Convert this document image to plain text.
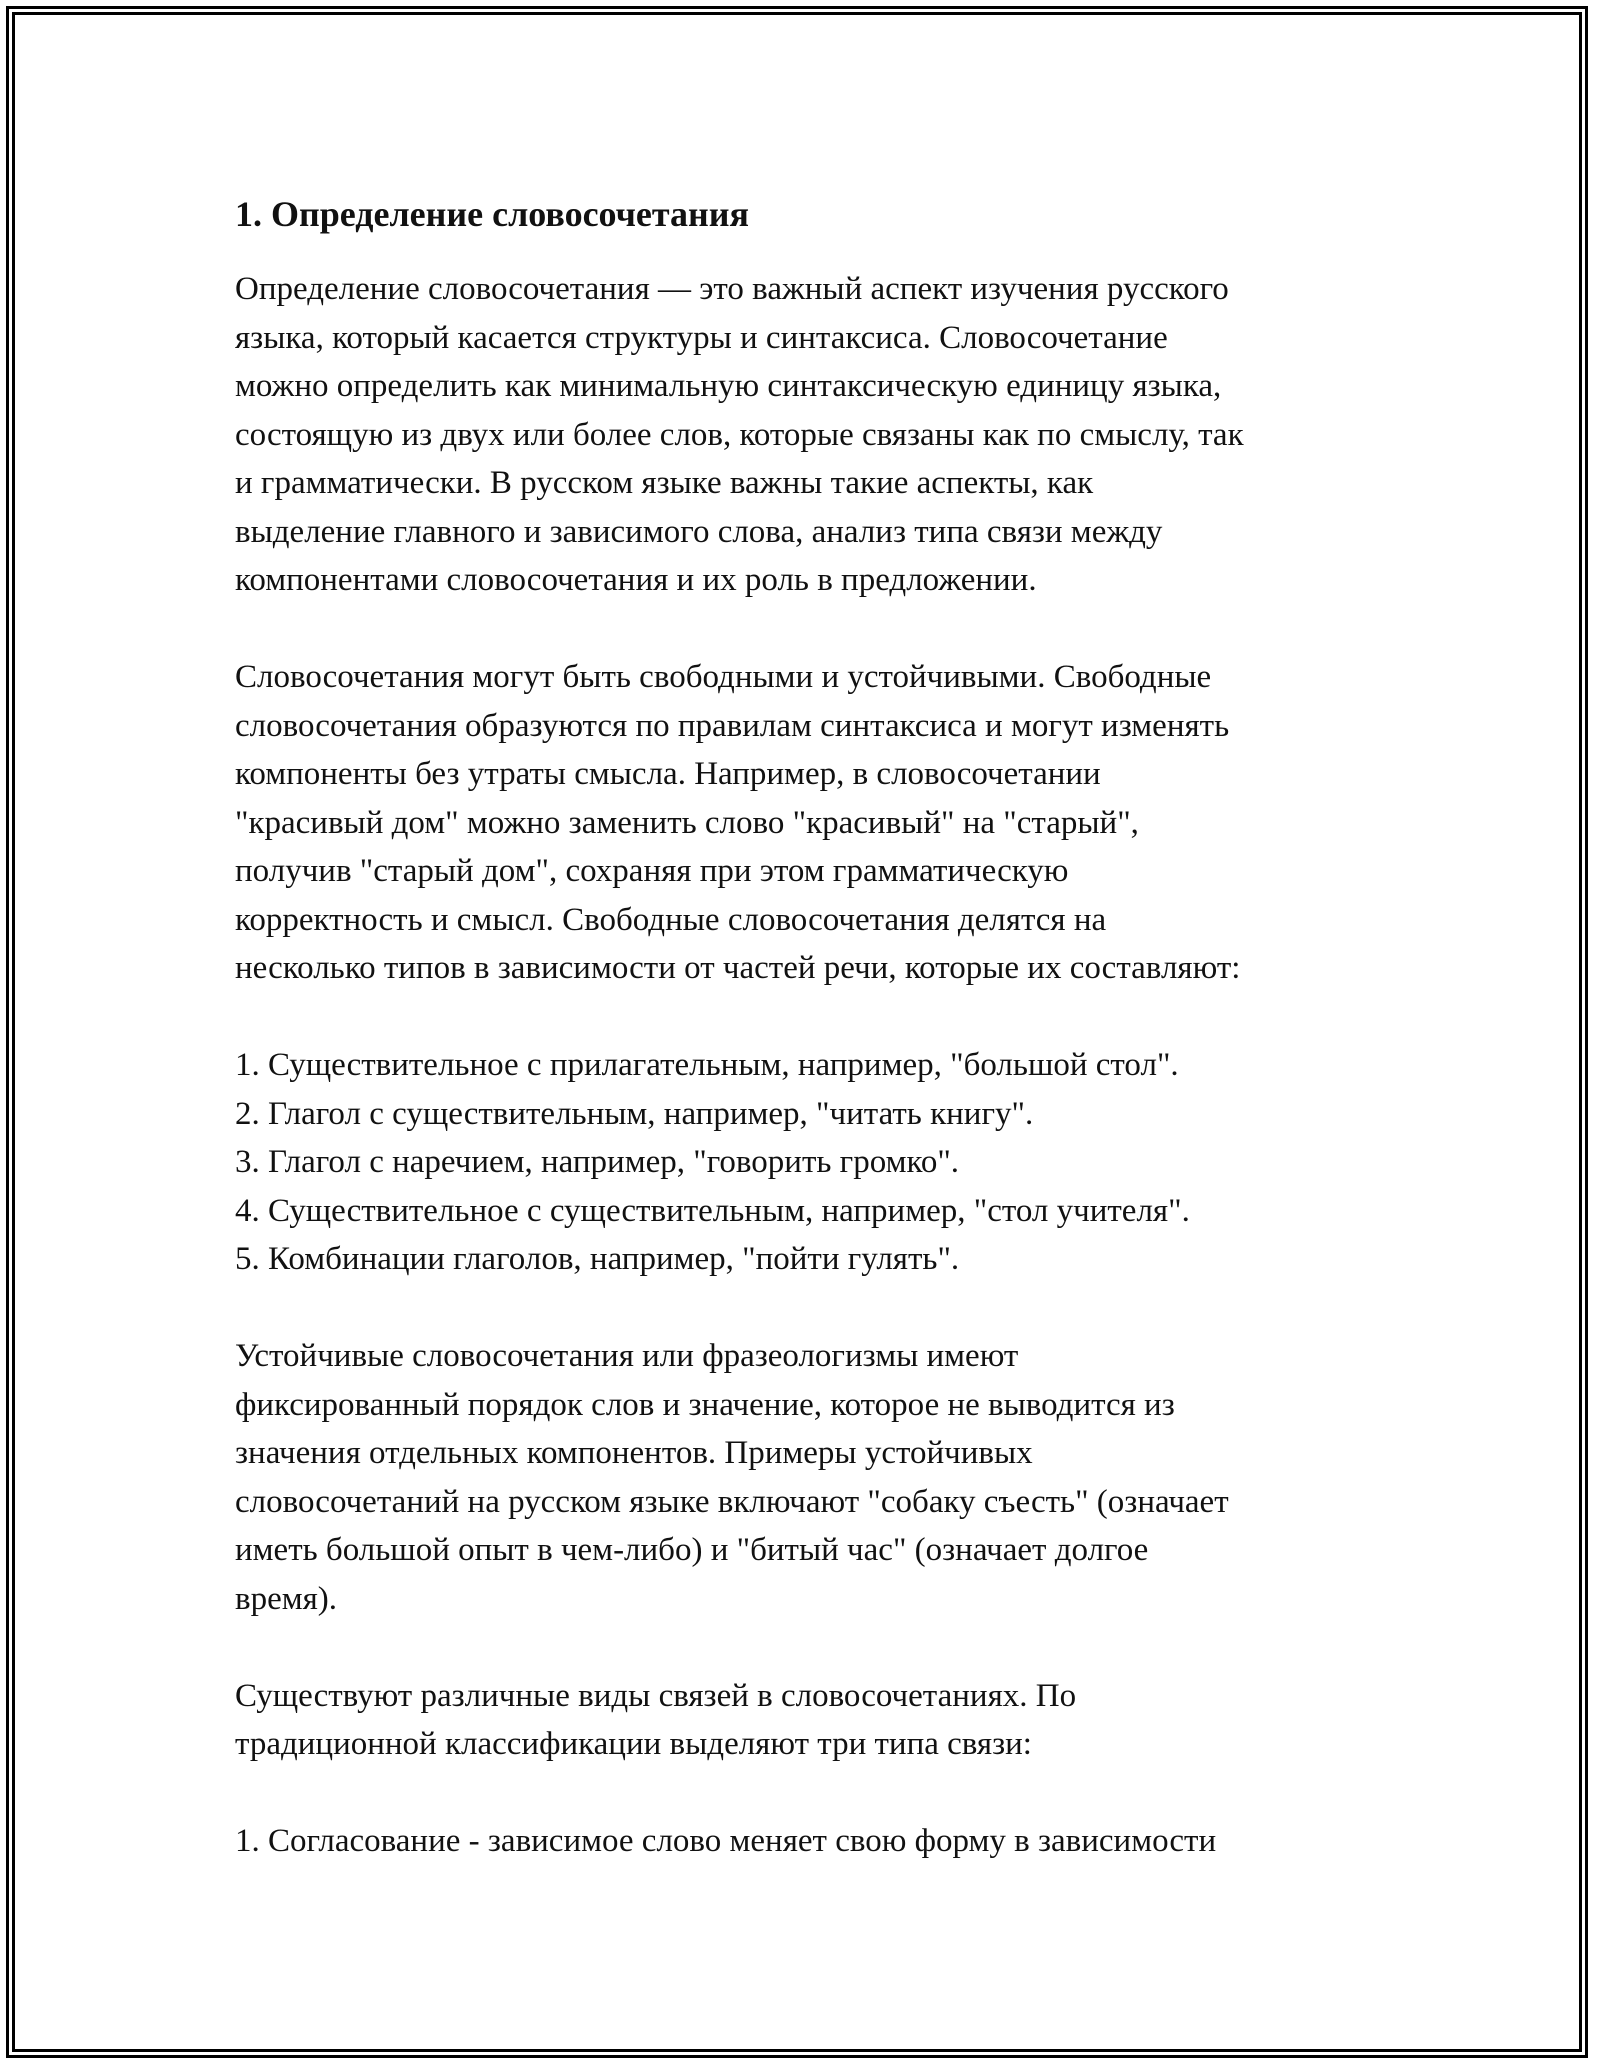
1. Определение словосочетания

Определение словосочетания — это важный аспект изучения русского
языка, который касается структуры и синтаксиса. Словосочетание
можно определить как минимальную синтаксическую единицу языка,
состоящую из двух или более слов, которые связаны как по смыслу, так
и грамматически. В русском языке важны такие аспекты, как
выделение главного и зависимого слова, анализ типа связи между
компонентами словосочетания и их роль в предложении.

Словосочетания могут быть свободными и устойчивыми. Свободные
словосочетания образуются по правилам синтаксиса и могут изменять
компоненты без утраты смысла. Например, в словосочетании
"красивый дом" можно заменить слово "красивый" на "старый",
получив "старый дом", сохраняя при этом грамматическую
корректность и смысл. Свободные словосочетания делятся на
несколько типов в зависимости от частей речи, которые их составляют:

1. Существительное с прилагательным, например, "большой стол".
2. Глагол с существительным, например, "читать книгу".
3. Глагол с наречием, например, "говорить громко".
4. Существительное с существительным, например, "стол учителя".
5. Комбинации глаголов, например, "пойти гулять".

Устойчивые словосочетания или фразеологизмы имеют
фиксированный порядок слов и значение, которое не выводится из
значения отдельных компонентов. Примеры устойчивых
словосочетаний на русском языке включают "собаку съесть" (означает
иметь большой опыт в чем-либо) и "битый час" (означает долгое
время).

Существуют различные виды связей в словосочетаниях. По
традиционной классификации выделяют три типа связи:

1. Согласование - зависимое слово меняет свою форму в зависимости
